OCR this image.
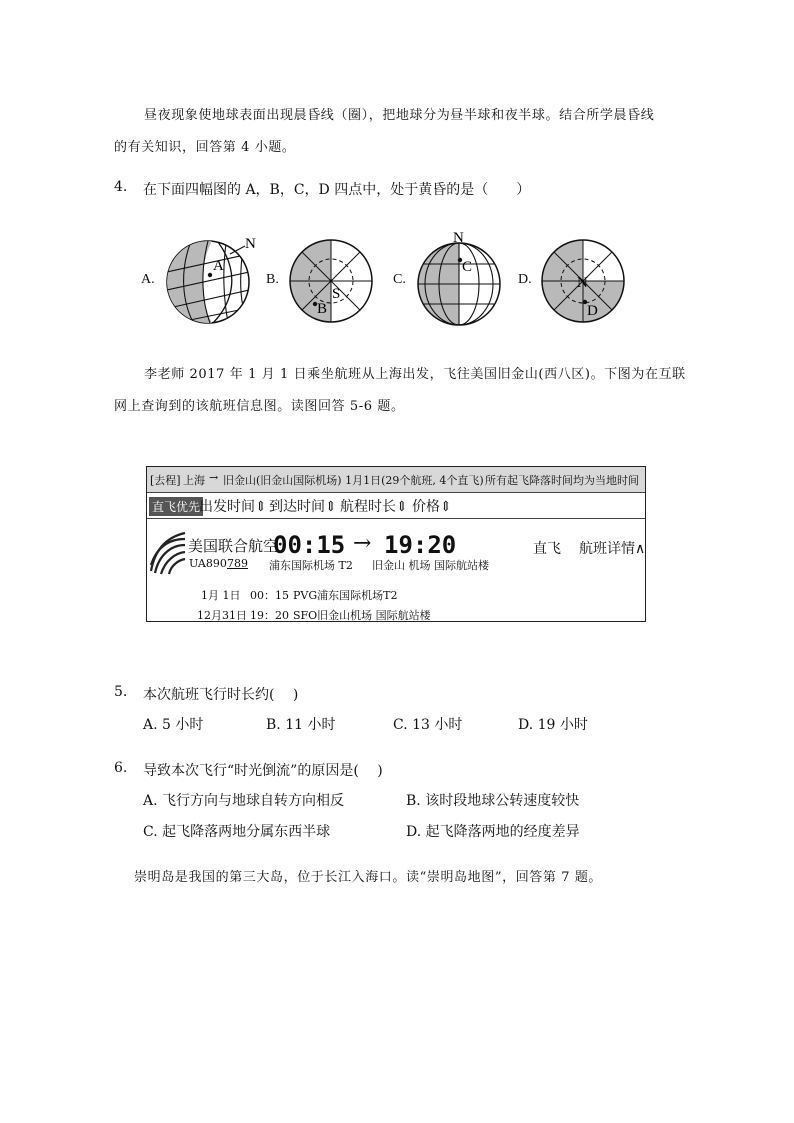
昼夜现象使地球表面出现晨昏线（圈），把地球分为昼半球和夜半球。结合所学晨昏线
的有关知识，回答第 4 小题。
4. 在下面四幅图的 A，B，C，D 四点中，处于黄昏的是（　　）
A.
A
N
B.
B
S
C.
C
N
D.	N
D
李老师 2017 年 1 月 1 日乘坐航班从上海出发，飞往美国旧金山(西八区)。下图为在互联
网上查询到的该航班信息图。读图回答 5-6 题。
[去程] 上海 → 旧金山(旧金山国际机场) 1月1日(29个航班, 4个直飞) 所有起飞降落时间均为当地时间
直飞优先
出发时间⇕ 到达时间⇕ 航程时长⇕ 价格⇕
美国联合航空
UA890 789
00:15 → 19:20
浦东国际机场 T2 旧金山 机场 国际航站楼
直飞 航班详情∧
1月 1日 00：15 PVG浦东国际机场T2
12月31日 19：20 SFO旧金山机场 国际航站楼
5. 本次航班飞行时长约(　 )
A. 5 小时	B. 11 小时	C. 13 小时	D. 19 小时
6. 导致本次飞行“时光倒流”的原因是(　 )
A. 飞行方向与地球自转方向相反	B. 该时段地球公转速度较快
C. 起飞降落两地分属东西半球	D. 起飞降落两地的经度差异
崇明岛是我国的第三大岛，位于长江入海口。读“崇明岛地图”，回答第 7 题。
